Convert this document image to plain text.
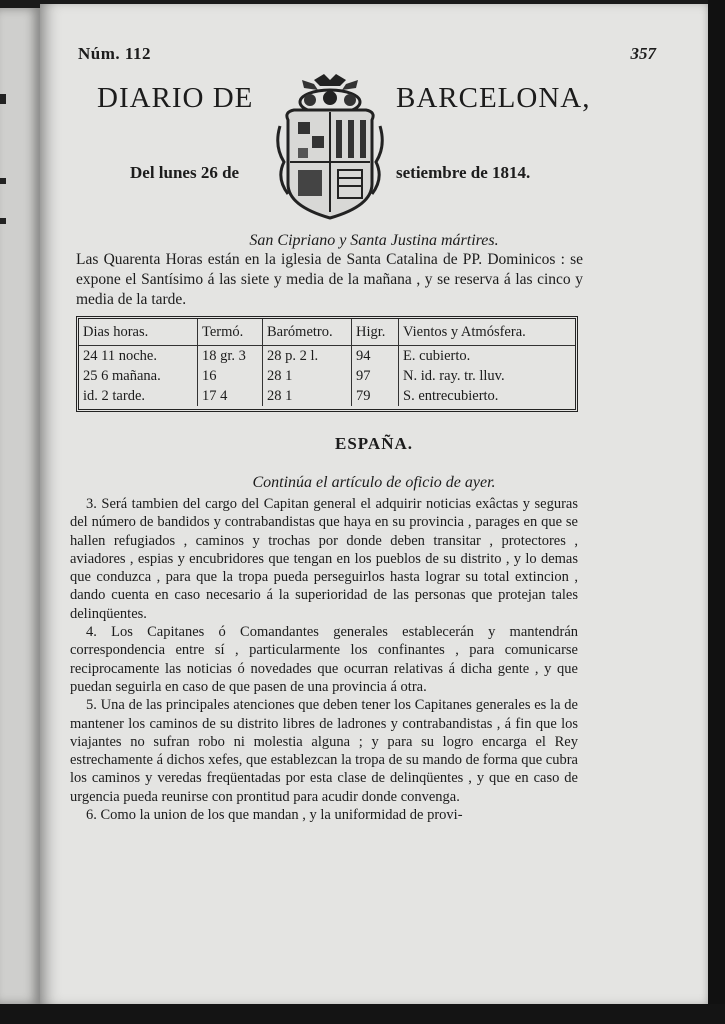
Núm. 112	357
DIARIO DE	BARCELONA,
Del lunes 26 de	setiembre de 1814.
San Cipriano y Santa Justina mártires.
Las Quarenta Horas están en la iglesia de Santa Catalina de PP. Dominicos : se expone el Santísimo á las siete y media de la mañana , y se reserva á las cinco y media de la tarde.
Dias horas.	Termó.	Barómetro.	Higr.	Vientos y Atmósfera.
24 11 noche.	18 gr. 3	28 p. 2 l.	94	E. cubierto.
25 6 mañana.	16	28 1	97	N. id. ray. tr. lluv.
id. 2 tarde.	17 4	28 1	79	S. entrecubierto.
ESPAÑA.
Continúa el artículo de oficio de ayer.

3. Será tambien del cargo del Capitan general el adquirir noticias exâctas y seguras del número de bandidos y contrabandistas que haya en su provincia , parages en que se hallen refugiados , caminos y trochas por donde deben transitar , protectores , aviadores , espias y encubridores que tengan en los pueblos de su distrito , y lo demas que conduzca , para que la tropa pueda perseguirlos hasta lograr su total extincion , dando cuenta en caso necesario á la superioridad de las personas que protejan tales delinqüentes.

4. Los Capitanes ó Comandantes generales establecerán y mantendrán correspondencia entre sí , particularmente los confinantes , para comunicarse reciprocamente las noticias ó novedades que ocurran relativas á dicha gente , y que puedan seguirla en caso de que pasen de una provincia á otra.

5. Una de las principales atenciones que deben tener los Capitanes generales es la de mantener los caminos de su distrito libres de ladrones y contrabandistas , á fin que los viajantes no sufran robo ni molestia alguna ; y para su logro encarga el Rey estrechamente á dichos xefes, que establezcan la tropa de su mando de forma que cubra los caminos y veredas freqüentadas por esta clase de delinqüentes , y que en caso de urgencia pueda reunirse con prontitud para acudir donde convenga.

6. Como la union de los que mandan , y la uniformidad de provi-
